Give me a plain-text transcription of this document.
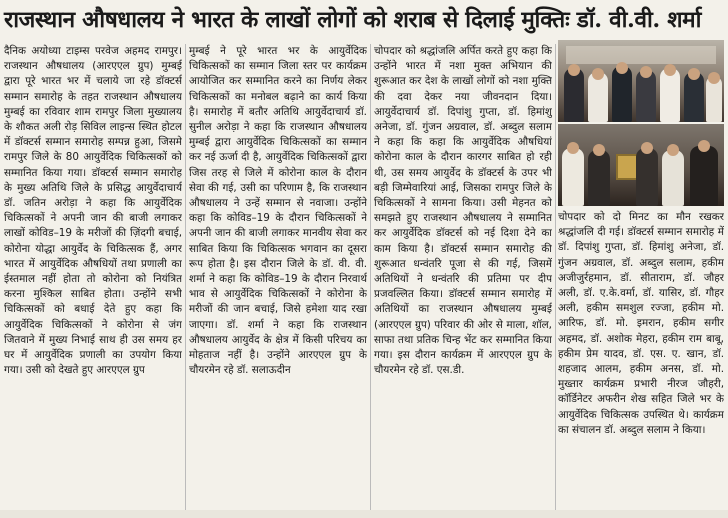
राजस्थान औषधालय ने भारत के लाखों लोगों को शराब से दिलाई मुक्तिः डॉ. वी.वी. शर्मा

दैनिक अयोध्या टाइम्स परवेज अहमद रामपुर। राजस्थान औषधालय (आरएएल ग्रुप) मुम्बई द्वारा पूरे भारत भर में चलाये जा रहे डॉक्टर्स सम्मान समारोह के तहत राजस्थान औषधालय मुम्बई का रविवार शाम रामपुर जिला मुख्यालय के शौकत अली रोड़ सिविल लाइन्स स्थित होटल में डॉक्टर्स सम्मान समारोह सम्पन्न हुआ, जिसमे रामपुर जिले के 80 आयुर्वेदिक चिकित्सकों को सम्मानित किया गया। डॉक्टर्स सम्मान समारोह के मुख्य अतिथि जिले के प्रसिद्ध आयुर्वेदाचार्य डॉ. जतिन अरोड़ा ने कहा कि आयुर्वेदिक चिकित्सकों ने अपनी जान की बाजी लगाकर लाखों कोविड–19 के मरीजों की ज़िंदगी बचाई, कोरोना योद्धा आयुर्वेद के चिकित्सक हैं, अगर भारत में आयुर्वेदिक औषधियों तथा प्रणाली का ईस्तमाल नहीं होता तो कोरोना को नियंत्रित करना मुश्किल साबित होता। उन्होंने सभी चिकित्सकों को बधाई देते हुए कहा कि आयुर्वेदिक चिकित्सकों ने कोरोना से जंग जितवाने में मुख्य निभाई साथ ही उस समय हर घर में आयुर्वेदिक प्रणाली का उपयोग किया गया। उसी को देखते हुए आरएएल ग्रुप

मुम्बई ने पूरे भारत भर के आयुर्वेदिक चिकित्सकों का सम्मान जिला स्तर पर कार्यक्रम आयोजित कर सम्मानित करने का निर्णय लेकर चिकित्सकों का मनोबल बढ़ाने का कार्य किया है। समारोह में बतौर अतिथि आयुर्वेदाचार्य डॉ. सुनील अरोड़ा ने कहा कि राजस्थान औषधालय मुम्बई द्वारा आयुर्वेदिक चिकित्सकों का सम्मान कर नई ऊर्जा दी है, आयुर्वेदिक चिकित्सकों द्वारा जिस तरह से जिले में कोरोना काल के दौरान सेवा की गई, उसी का परिणाम है, कि राजस्थान औषधालय ने उन्हें सम्मान से नवाजा। उन्होंने कहा कि कोविड–19 के दौरान चिकित्सकों ने अपनी जान की बाजी लगाकर मानवीय सेवा कर साबित किया कि चिकित्सक भगवान का दूसरा रूप होता है। इस दौरान जिले के डॉ. वी. वी. शर्मा ने कहा कि कोविड–19 के दौरान निरवार्थ भाव से आयुर्वेदिक चिकित्सकों ने कोरोना के मरीजों की जान बचाई, जिसे हमेशा याद रखा जाएगा। डॉ. शर्मा ने कहा कि राजस्थान औषधालय आयुर्वेद के क्षेत्र में किसी परिचय का मोहताज नहीं है। उन्होंने आरएएल ग्रुप के चौयरमेन रहे डॉ. सलाऊदीन

चोपदार को श्रद्धांजलि अर्पित करते हुए कहा कि उन्होंने भारत में नशा मुक्त अभियान की शुरूआत कर देश के लाखों लोगों को नशा मुक्ति की दवा देकर नया जीवनदान दिया। आयुर्वेदाचार्य डॉ. दिपांशु गुप्ता, डॉ. हिमांशु अनेजा, डॉ. गुंजन अग्रवाल, डॉ. अब्दुल सलाम ने कहा कि कहा कि आयुर्वेदिक औषधियां कोरोना काल के दौरान कारगर साबित हो रही थी, उस समय आयुर्वेद के डॉक्टर्स के उपर भी बड़ी जिम्मेवारियां आई, जिसका रामपुर जिले के चिकित्सकों ने सामना किया। उसी मेहनत को समझते हुए राजस्थान औषधालय ने सम्मानित कर आयुर्वेदिक डॉक्टर्स को नई दिशा देने का काम किया है। डॉक्टर्स सम्मान समारोह की शुरूआत धन्वंतरि पूजा से की गई, जिसमें अतिथियों ने धन्वंतरि की प्रतिमा पर दीप प्रजवल्लित किया। डॉक्टर्स सम्मान समारोह में अतिथियों का राजस्थान औषधालय मुम्बई (आरएएल ग्रुप) परिवार की ओर से माला, शॉल, साफा तथा प्रतिक चिन्ह भेंट कर सम्मानित किया गया। इस दौरान कार्यक्रम में आरएएल ग्रुप के चौयरमेन रहे डॉ. एस.डी.

चोपदार को दो मिनट का मौन रखकर श्रद्धांजलि दी गई। डॉक्टर्स सम्मान समारोह में डॉ. दिपांशु गुप्ता, डॉ. हिमांशु अनेजा, डॉ. गुंजन अग्रवाल, डॉ. अब्दुल सलाम, हकीम अजीजुर्रहमान, डॉ. सीताराम, डॉ. जौहर अली, डॉ. ए.के.वर्मा, डॉ. यासिर, डॉ. गौहर अली, हकीम समशुल रज्जा, हकीम मो. आरिफ, डॉ. मो. इमरान, हकीम सगीर अहमद, डॉ. अशोक मेहरा, हकीम राम बाबू, हकीम प्रेम यादव, डॉ. एस. ए. खान, डॉ. शहजाद आलम, हकीम अनस, डॉ. मो. मुख्तार कार्यक्रम प्रभारी नीरज जौहरी, कॉर्डिनेटर अफरीन शेख सहित जिले भर के आयुर्वेदिक चिकित्सक उपस्थित थे। कार्यक्रम का संचालन डॉ. अब्दुल सलाम ने किया।
